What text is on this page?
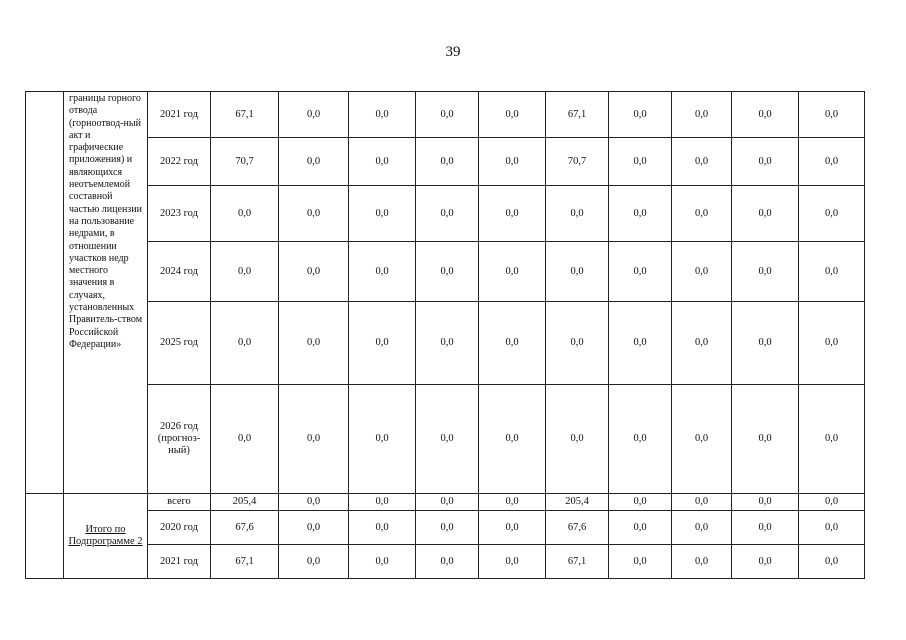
39
	границы горного отвода (горноотвод-ный акт и графические приложения) и являющихся неотъемлемой составной частью лицензии на пользование недрами, в отношении участков недр местного значения в случаях, установленных Правитель-ством Российской Федерации»	2021 год	67,1	0,0	0,0	0,0	0,0	67,1	0,0	0,0	0,0	0,0
		2022 год	70,7	0,0	0,0	0,0	0,0	70,7	0,0	0,0	0,0	0,0
		2023 год	0,0	0,0	0,0	0,0	0,0	0,0	0,0	0,0	0,0	0,0
		2024 год	0,0	0,0	0,0	0,0	0,0	0,0	0,0	0,0	0,0	0,0
		2025 год	0,0	0,0	0,0	0,0	0,0	0,0	0,0	0,0	0,0	0,0
		2026 год (прогноз-ный)	0,0	0,0	0,0	0,0	0,0	0,0	0,0	0,0	0,0	0,0
	Итого по Подпрограмме 2	всего	205,4	0,0	0,0	0,0	0,0	205,4	0,0	0,0	0,0	0,0
		2020 год	67,6	0,0	0,0	0,0	0,0	67,6	0,0	0,0	0,0	0,0
		2021 год	67,1	0,0	0,0	0,0	0,0	67,1	0,0	0,0	0,0	0,0
